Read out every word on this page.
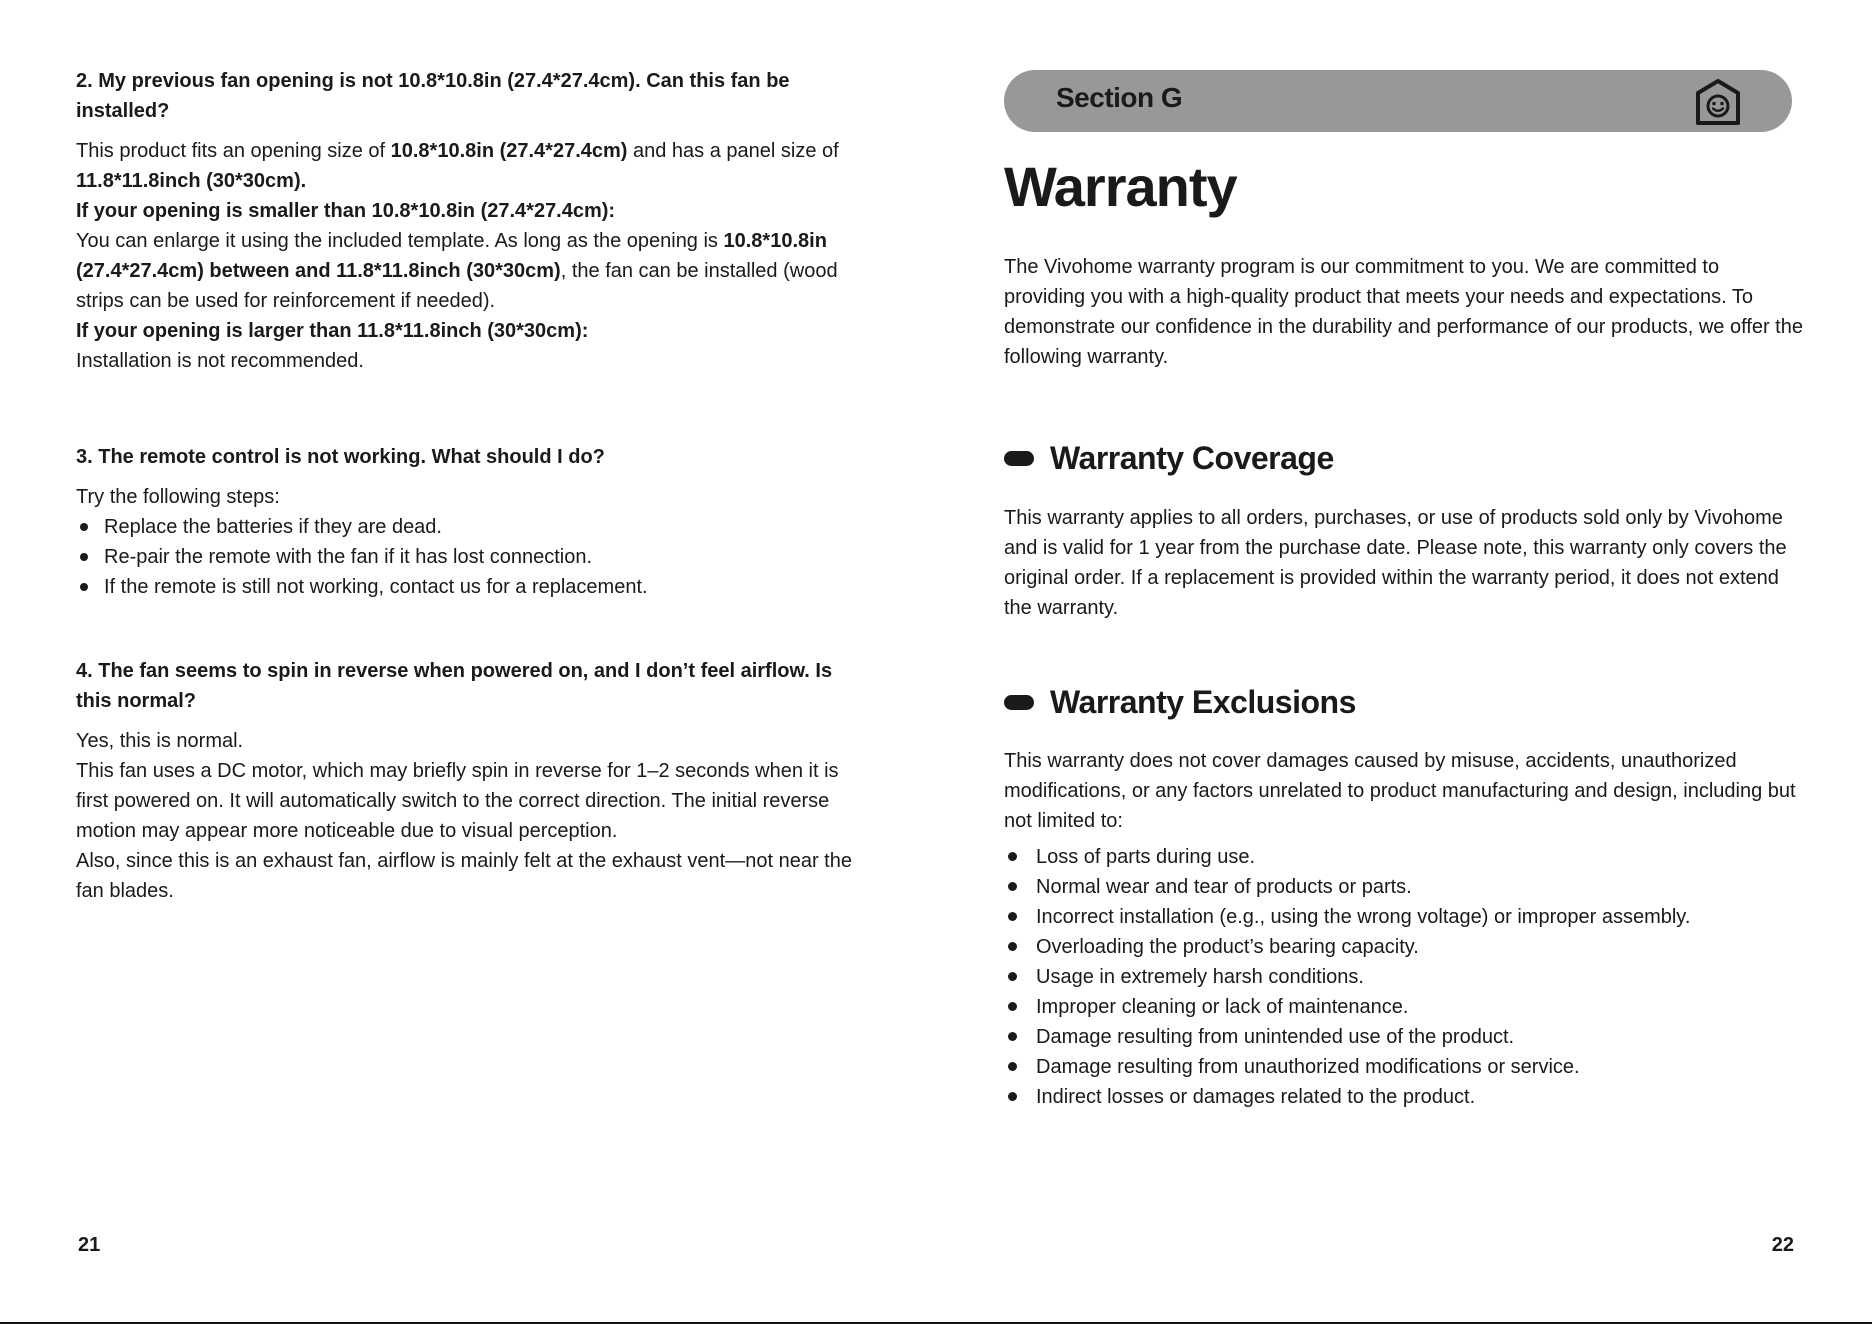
2. My previous fan opening is not 10.8*10.8in (27.4*27.4cm). Can this fan be installed?

This product fits an opening size of 10.8*10.8in (27.4*27.4cm) and has a panel size of 11.8*11.8inch (30*30cm).

If your opening is smaller than 10.8*10.8in (27.4*27.4cm):

You can enlarge it using the included template. As long as the opening is 10.8*10.8in (27.4*27.4cm) between and 11.8*11.8inch (30*30cm), the fan can be installed (wood strips can be used for reinforcement if needed).

If your opening is larger than 11.8*11.8inch (30*30cm):

Installation is not recommended.

3. The remote control is not working. What should I do?

Try the following steps:

Replace the batteries if they are dead.
Re-pair the remote with the fan if it has lost connection.
If the remote is still not working, contact us for a replacement.

4. The fan seems to spin in reverse when powered on, and I don’t feel airflow. Is this normal?

Yes, this is normal.

This fan uses a DC motor, which may briefly spin in reverse for 1–2 seconds when it is first powered on. It will automatically switch to the correct direction. The initial reverse motion may appear more noticeable due to visual perception.

Also, since this is an exhaust fan, airflow is mainly felt at the exhaust vent—not near the fan blades.

21
Section G
Warranty

The Vivohome warranty program is our commitment to you. We are committed to providing you with a high-quality product that meets your needs and expectations. To demonstrate our confidence in the durability and performance of our products, we offer the following warranty.

Warranty Coverage

This warranty applies to all orders, purchases, or use of products sold only by Vivohome and is valid for 1 year from the purchase date. Please note, this warranty only covers the original order. If a replacement is provided within the warranty period, it does not extend the warranty.

Warranty Exclusions

This warranty does not cover damages caused by misuse, accidents, unauthorized modifications, or any factors unrelated to product manufacturing and design, including but not limited to:

Loss of parts during use.
Normal wear and tear of products or parts.
Incorrect installation (e.g., using the wrong voltage) or improper assembly.
Overloading the product’s bearing capacity.
Usage in extremely harsh conditions.
Improper cleaning or lack of maintenance.
Damage resulting from unintended use of the product.
Damage resulting from unauthorized modifications or service.
Indirect losses or damages related to the product.
22
